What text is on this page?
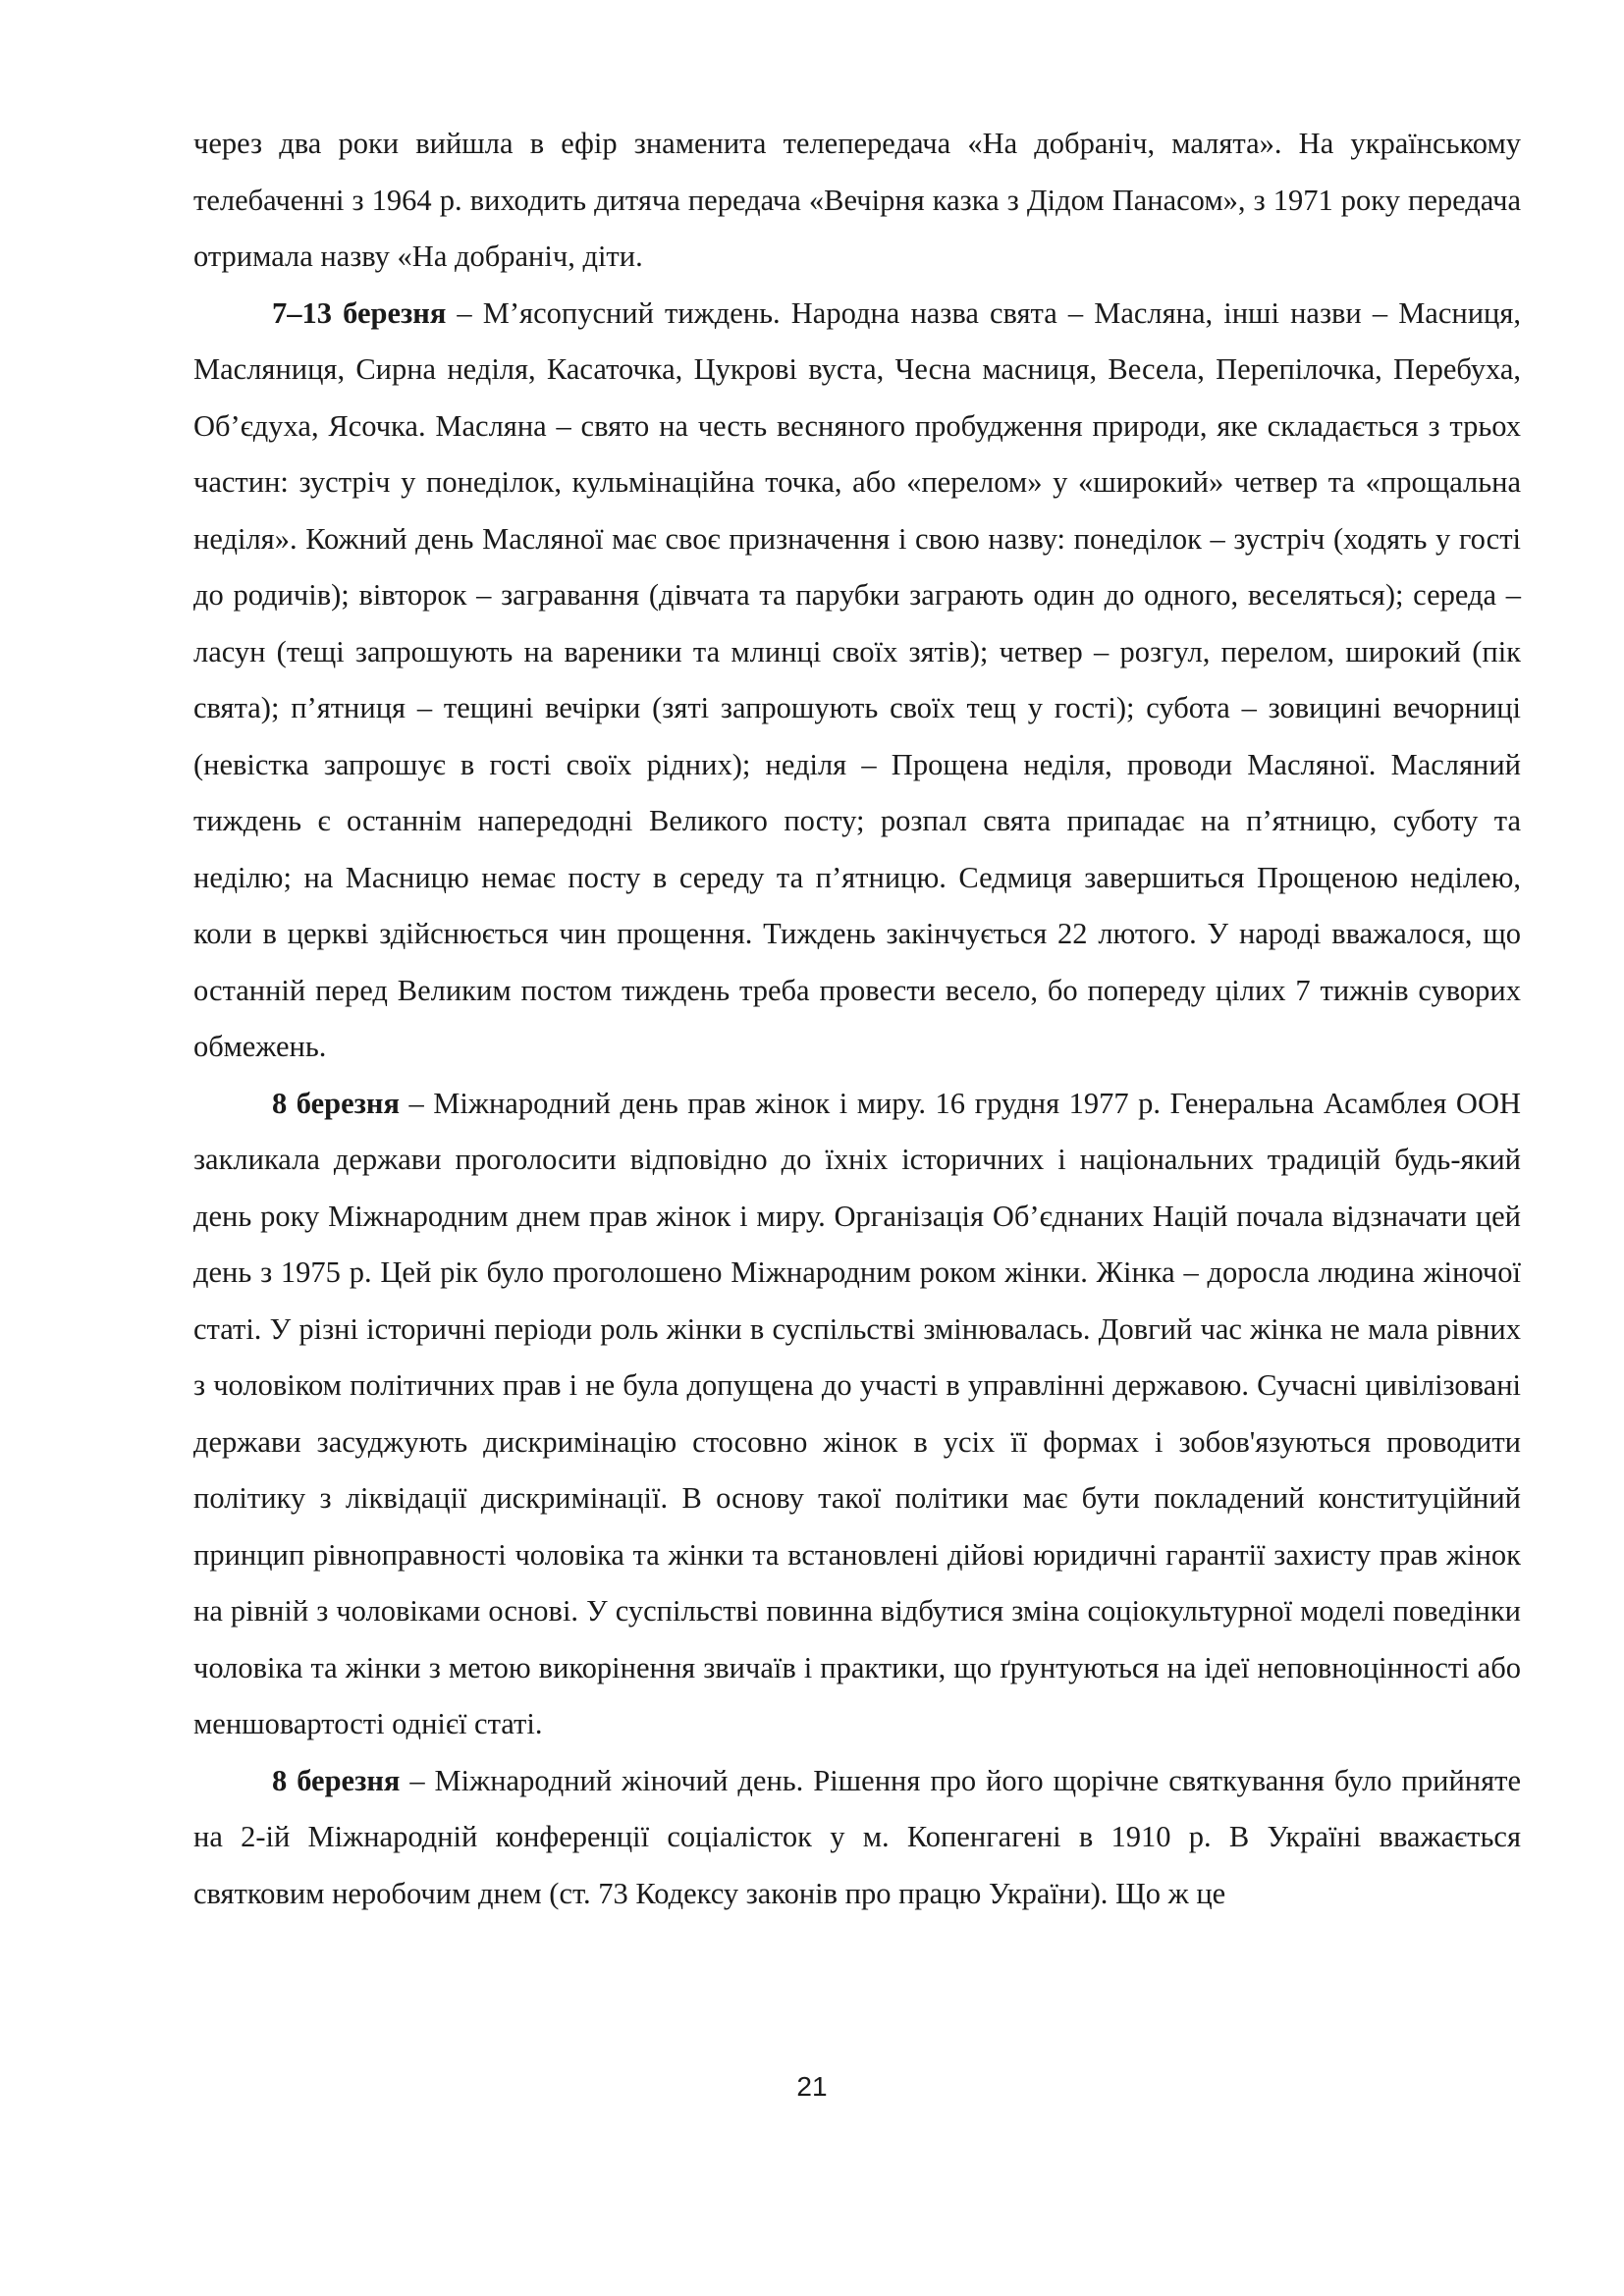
через два роки вийшла в ефір знаменита телепередача «На добраніч, малята». На українському телебаченні з 1964 р. виходить дитяча передача «Вечірня казка з Дідом Панасом», з 1971 року передача отримала назву «На добраніч, діти.

7–13 березня – М’ясопусний тиждень. Народна назва свята – Масляна, інші назви – Масниця, Масляниця, Сирна неділя, Касаточка, Цукрові вуста, Чесна масниця, Весела, Перепілочка, Перебуха, Об’єдуха, Ясочка. Масляна – свято на честь весняного пробудження природи, яке складається з трьох частин: зустріч у понеділок, кульмінаційна точка, або «перелом» у «широкий» четвер та «прощальна неділя». Кожний день Масляної має своє призначення і свою назву: понеділок – зустріч (ходять у гості до родичів); вівторок – загравання (дівчата та парубки заграють один до одного, веселяться); середа – ласун (тещі запрошують на вареники та млинці своїх зятів); четвер – розгул, перелом, широкий (пік свята); п’ятниця – тещині вечірки (зяті запрошують своїх тещ у гості); субота – зовицині вечорниці (невістка запрошує в гості своїх рідних); неділя – Прощена неділя, проводи Масляної. Масляний тиждень є останнім напередодні Великого посту; розпал свята припадає на п’ятницю, суботу та неділю; на Масницю немає посту в середу та п’ятницю. Седмиця завершиться Прощеною неділею, коли в церкві здійснюється чин прощення. Тиждень закінчується 22 лютого. У народі вважалося, що останній перед Великим постом тиждень треба провести весело, бо попереду цілих 7 тижнів суворих обмежень.

8 березня – Міжнародний день прав жінок і миру. 16 грудня 1977 р. Генеральна Асамблея ООН закликала держави проголосити відповідно до їхніх історичних і національних традицій будь-який день року Міжнародним днем прав жінок і миру. Організація Об’єднаних Націй почала відзначати цей день з 1975 р. Цей рік було проголошено Міжнародним роком жінки. Жінка – доросла людина жіночої статі. У різні історичні періоди роль жінки в суспільстві змінювалась. Довгий час жінка не мала рівних з чоловіком політичних прав і не була допущена до участі в управлінні державою. Сучасні цивілізовані держави засуджують дискримінацію стосовно жінок в усіх її формах і зобов'язуються проводити політику з ліквідації дискримінації. В основу такої політики має бути покладений конституційний принцип рівноправності чоловіка та жінки та встановлені дійові юридичні гарантії захисту прав жінок на рівній з чоловіками основі. У суспільстві повинна відбутися зміна соціокультурної моделі поведінки чоловіка та жінки з метою викорінення звичаїв і практики, що ґрунтуються на ідеї неповноцінності або меншовартості однієї статі.

8 березня – Міжнародний жіночий день. Рішення про його щорічне святкування було прийняте на 2-ій Міжнародній конференції соціалісток у м. Копенгагені в 1910 р. В Україні вважається святковим неробочим днем (ст. 73 Кодексу законів про працю України). Що ж це

21
